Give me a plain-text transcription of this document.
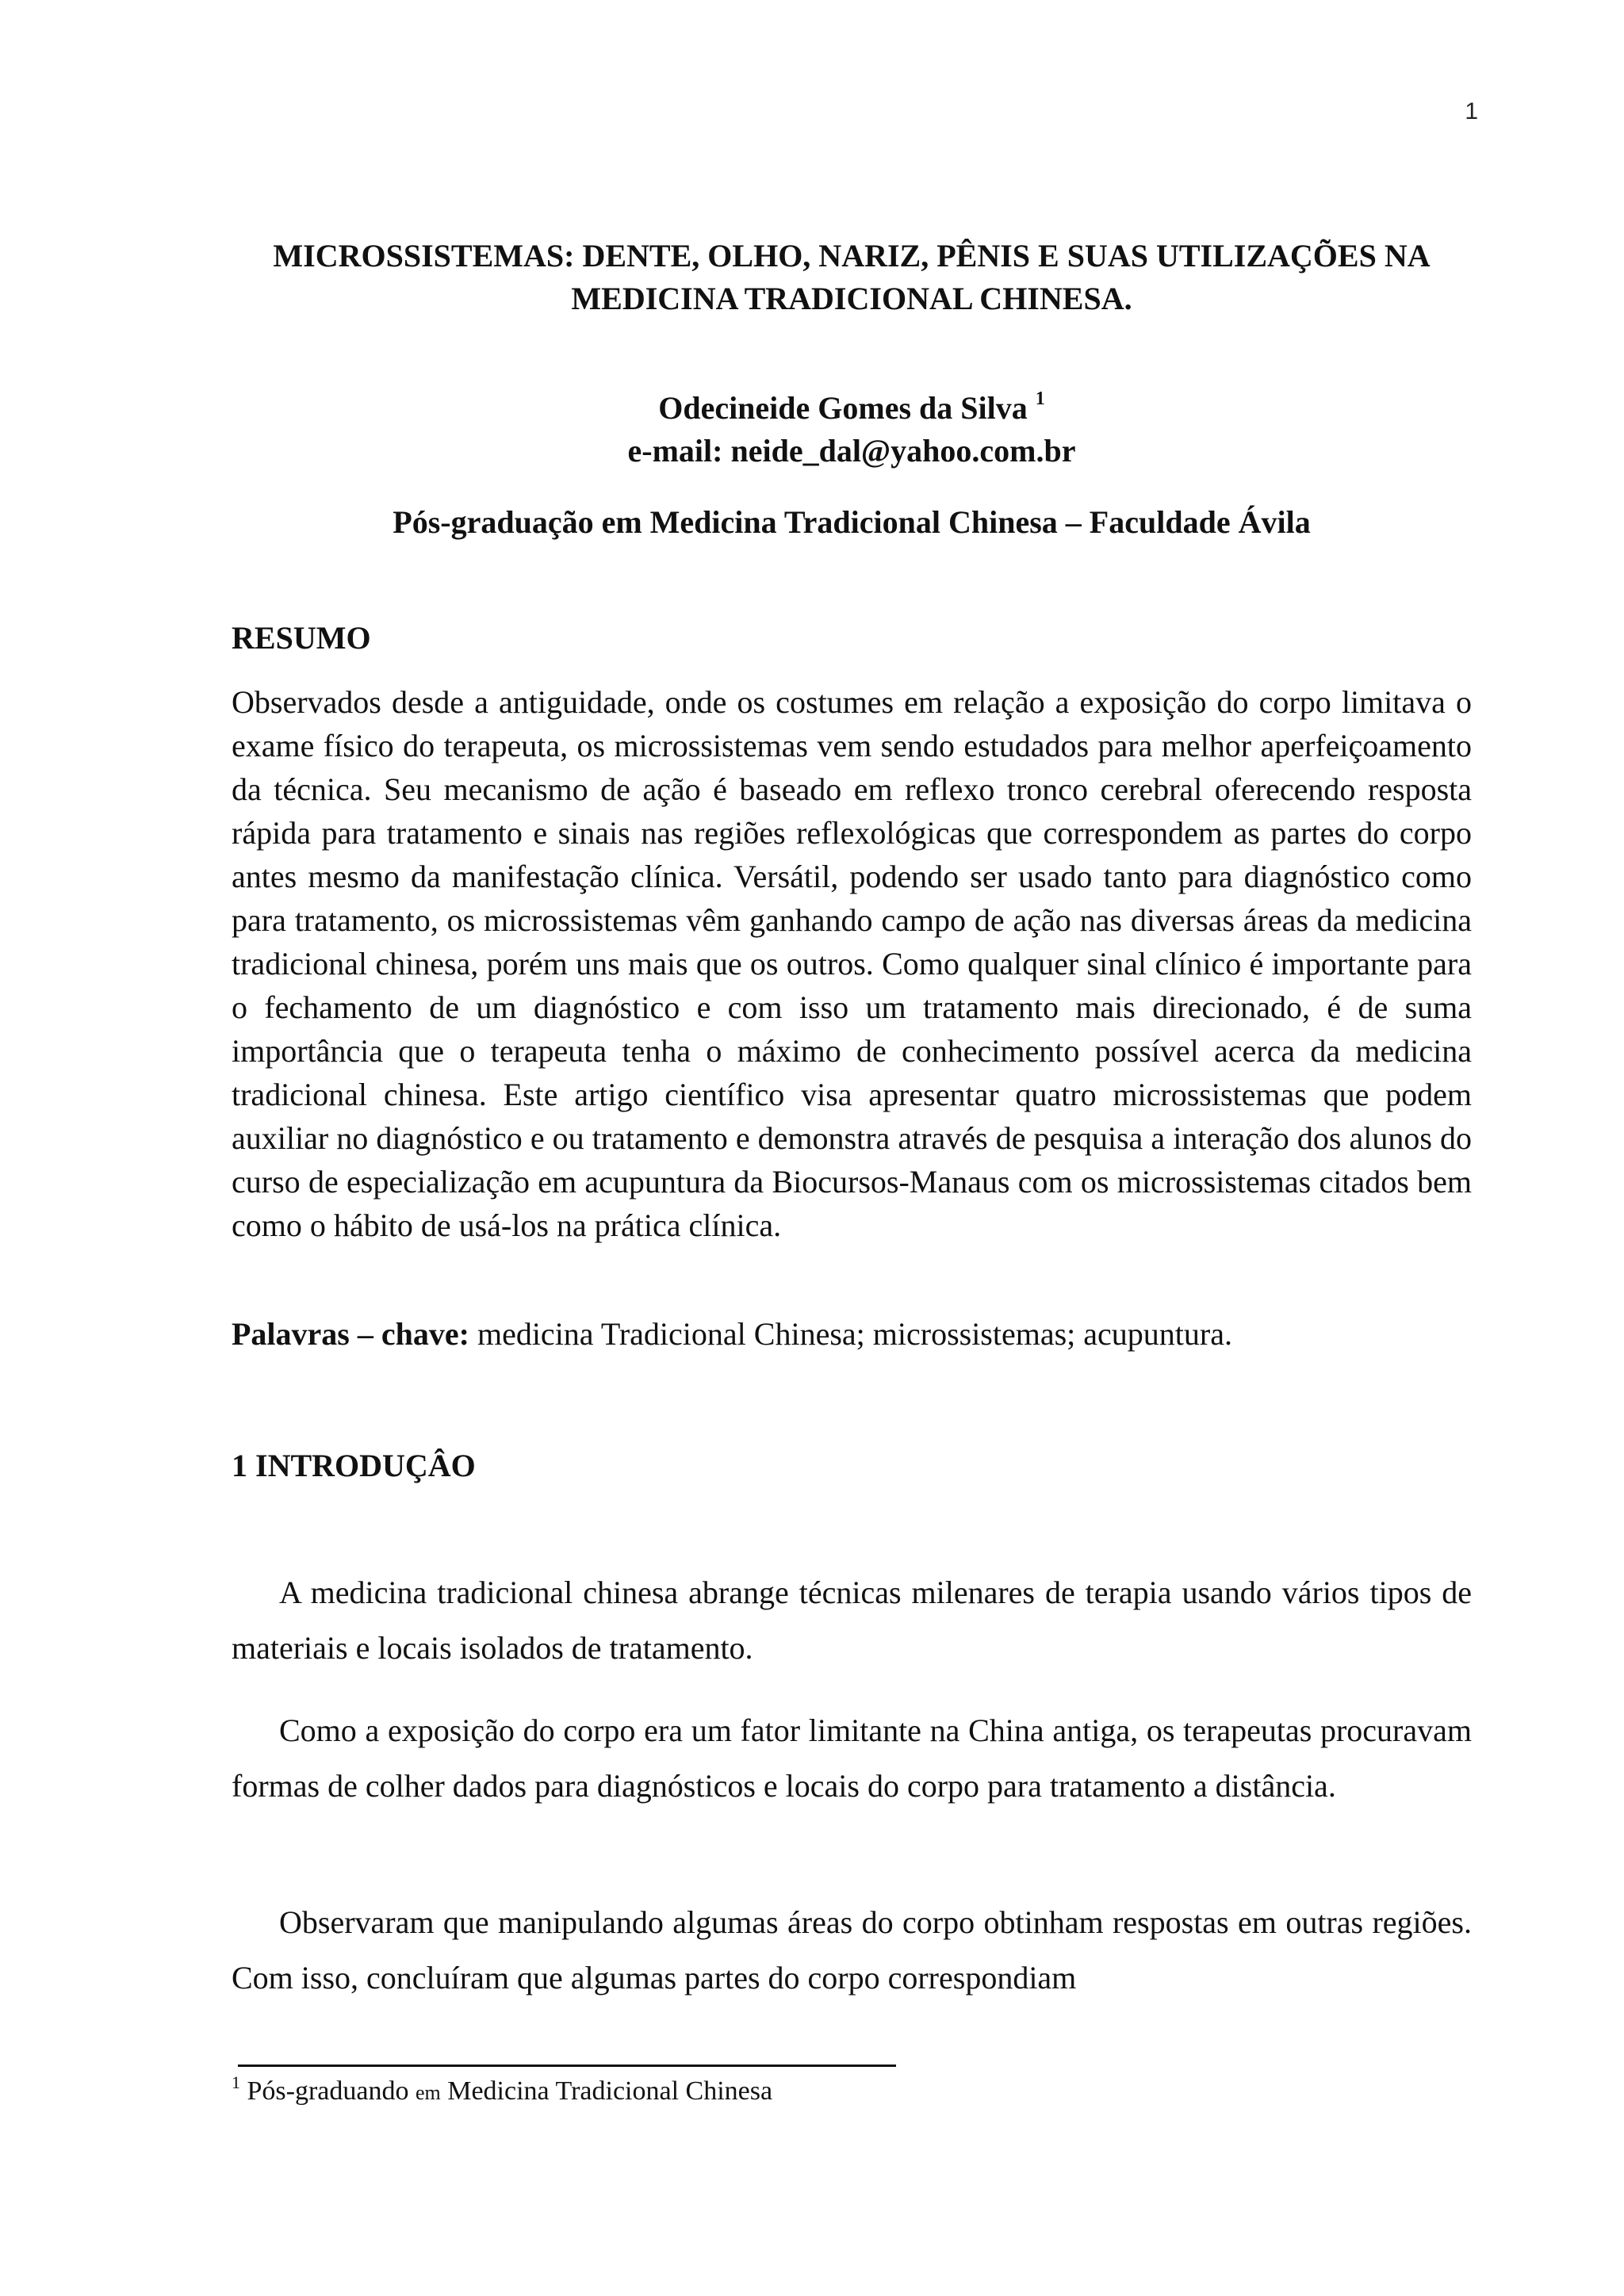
1
MICROSSISTEMAS: DENTE, OLHO, NARIZ, PÊNIS E SUAS UTILIZAÇÕES NA
MEDICINA TRADICIONAL CHINESA.
Odecineide Gomes da Silva $^1$
e-mail: neide_dal@yahoo.com.br
Pós-graduação em Medicina Tradicional Chinesa – Faculdade Ávila
RESUMO

Observados desde a antiguidade, onde os costumes em relação a exposição do corpo limitava o exame físico do terapeuta, os microssistemas vem sendo estudados para melhor aperfeiçoamento da técnica. Seu mecanismo de ação é baseado em reflexo tronco cerebral oferecendo resposta rápida para tratamento e sinais nas regiões reflexológicas que correspondem as partes do corpo antes mesmo da manifestação clínica. Versátil, podendo ser usado tanto para diagnóstico como para tratamento, os microssistemas vêm ganhando campo de ação nas diversas áreas da medicina tradicional chinesa, porém uns mais que os outros. Como qualquer sinal clínico é importante para o fechamento de um diagnóstico e com isso um tratamento mais direcionado, é de suma importância que o terapeuta tenha o máximo de conhecimento possível acerca da medicina tradicional chinesa. Este artigo científico visa apresentar quatro microssistemas que podem auxiliar no diagnóstico e ou tratamento e demonstra através de pesquisa a interação dos alunos do curso de especialização em acupuntura da Biocursos-Manaus com os microssistemas citados bem como o hábito de usá-los na prática clínica.

Palavras – chave: medicina Tradicional Chinesa; microssistemas; acupuntura.

1 INTRODUÇÂO

A medicina tradicional chinesa abrange técnicas milenares de terapia usando vários tipos de materiais e locais isolados de tratamento.

Como a exposição do corpo era um fator limitante na China antiga, os terapeutas procuravam formas de colher dados para diagnósticos e locais do corpo para tratamento a distância.

Observaram que manipulando algumas áreas do corpo obtinham respostas em outras regiões. Com isso, concluíram que algumas partes do corpo correspondiam

$^1$ Pós-graduando em Medicina Tradicional Chinesa
